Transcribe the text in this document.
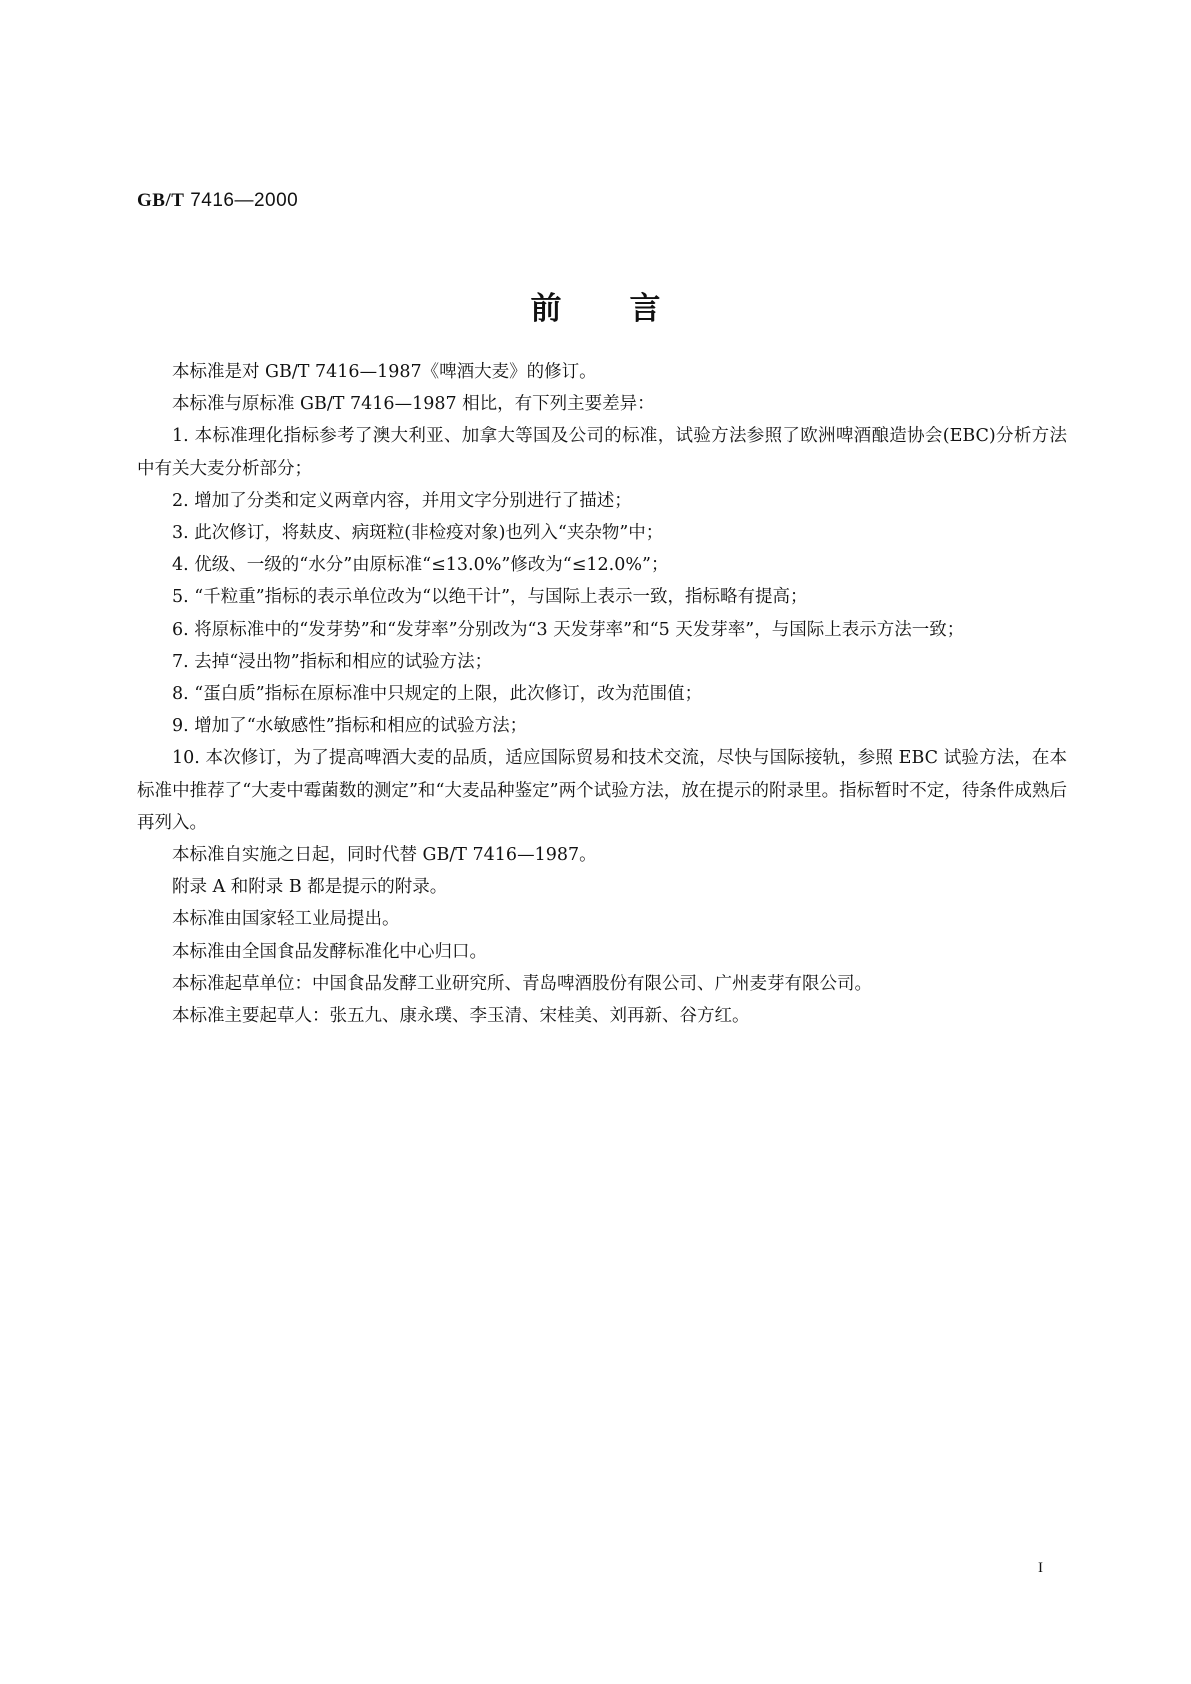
GB/T 7416—2000
前言

本标准是对 GB/T 7416—1987《啤酒大麦》的修订。

本标准与原标准 GB/T 7416—1987 相比，有下列主要差异：

1. 本标准理化指标参考了澳大利亚、加拿大等国及公司的标准，试验方法参照了欧洲啤酒酿造协会(EBC)分析方法中有关大麦分析部分；

2. 增加了分类和定义两章内容，并用文字分别进行了描述；

3. 此次修订，将麸皮、病斑粒(非检疫对象)也列入“夹杂物”中；

4. 优级、一级的“水分”由原标准“≤13.0%”修改为“≤12.0%”；

5. “千粒重”指标的表示单位改为“以绝干计”，与国际上表示一致，指标略有提高；

6. 将原标准中的“发芽势”和“发芽率”分别改为“3 天发芽率”和“5 天发芽率”，与国际上表示方法一致；

7. 去掉“浸出物”指标和相应的试验方法；

8. “蛋白质”指标在原标准中只规定的上限，此次修订，改为范围值；

9. 增加了“水敏感性”指标和相应的试验方法；

10. 本次修订，为了提高啤酒大麦的品质，适应国际贸易和技术交流，尽快与国际接轨，参照 EBC 试验方法，在本标准中推荐了“大麦中霉菌数的测定”和“大麦品种鉴定”两个试验方法，放在提示的附录里。指标暂时不定，待条件成熟后再列入。

本标准自实施之日起，同时代替 GB/T 7416—1987。

附录 A 和附录 B 都是提示的附录。

本标准由国家轻工业局提出。

本标准由全国食品发酵标准化中心归口。

本标准起草单位：中国食品发酵工业研究所、青岛啤酒股份有限公司、广州麦芽有限公司。

本标准主要起草人：张五九、康永璞、李玉清、宋桂美、刘再新、谷方红。

I
